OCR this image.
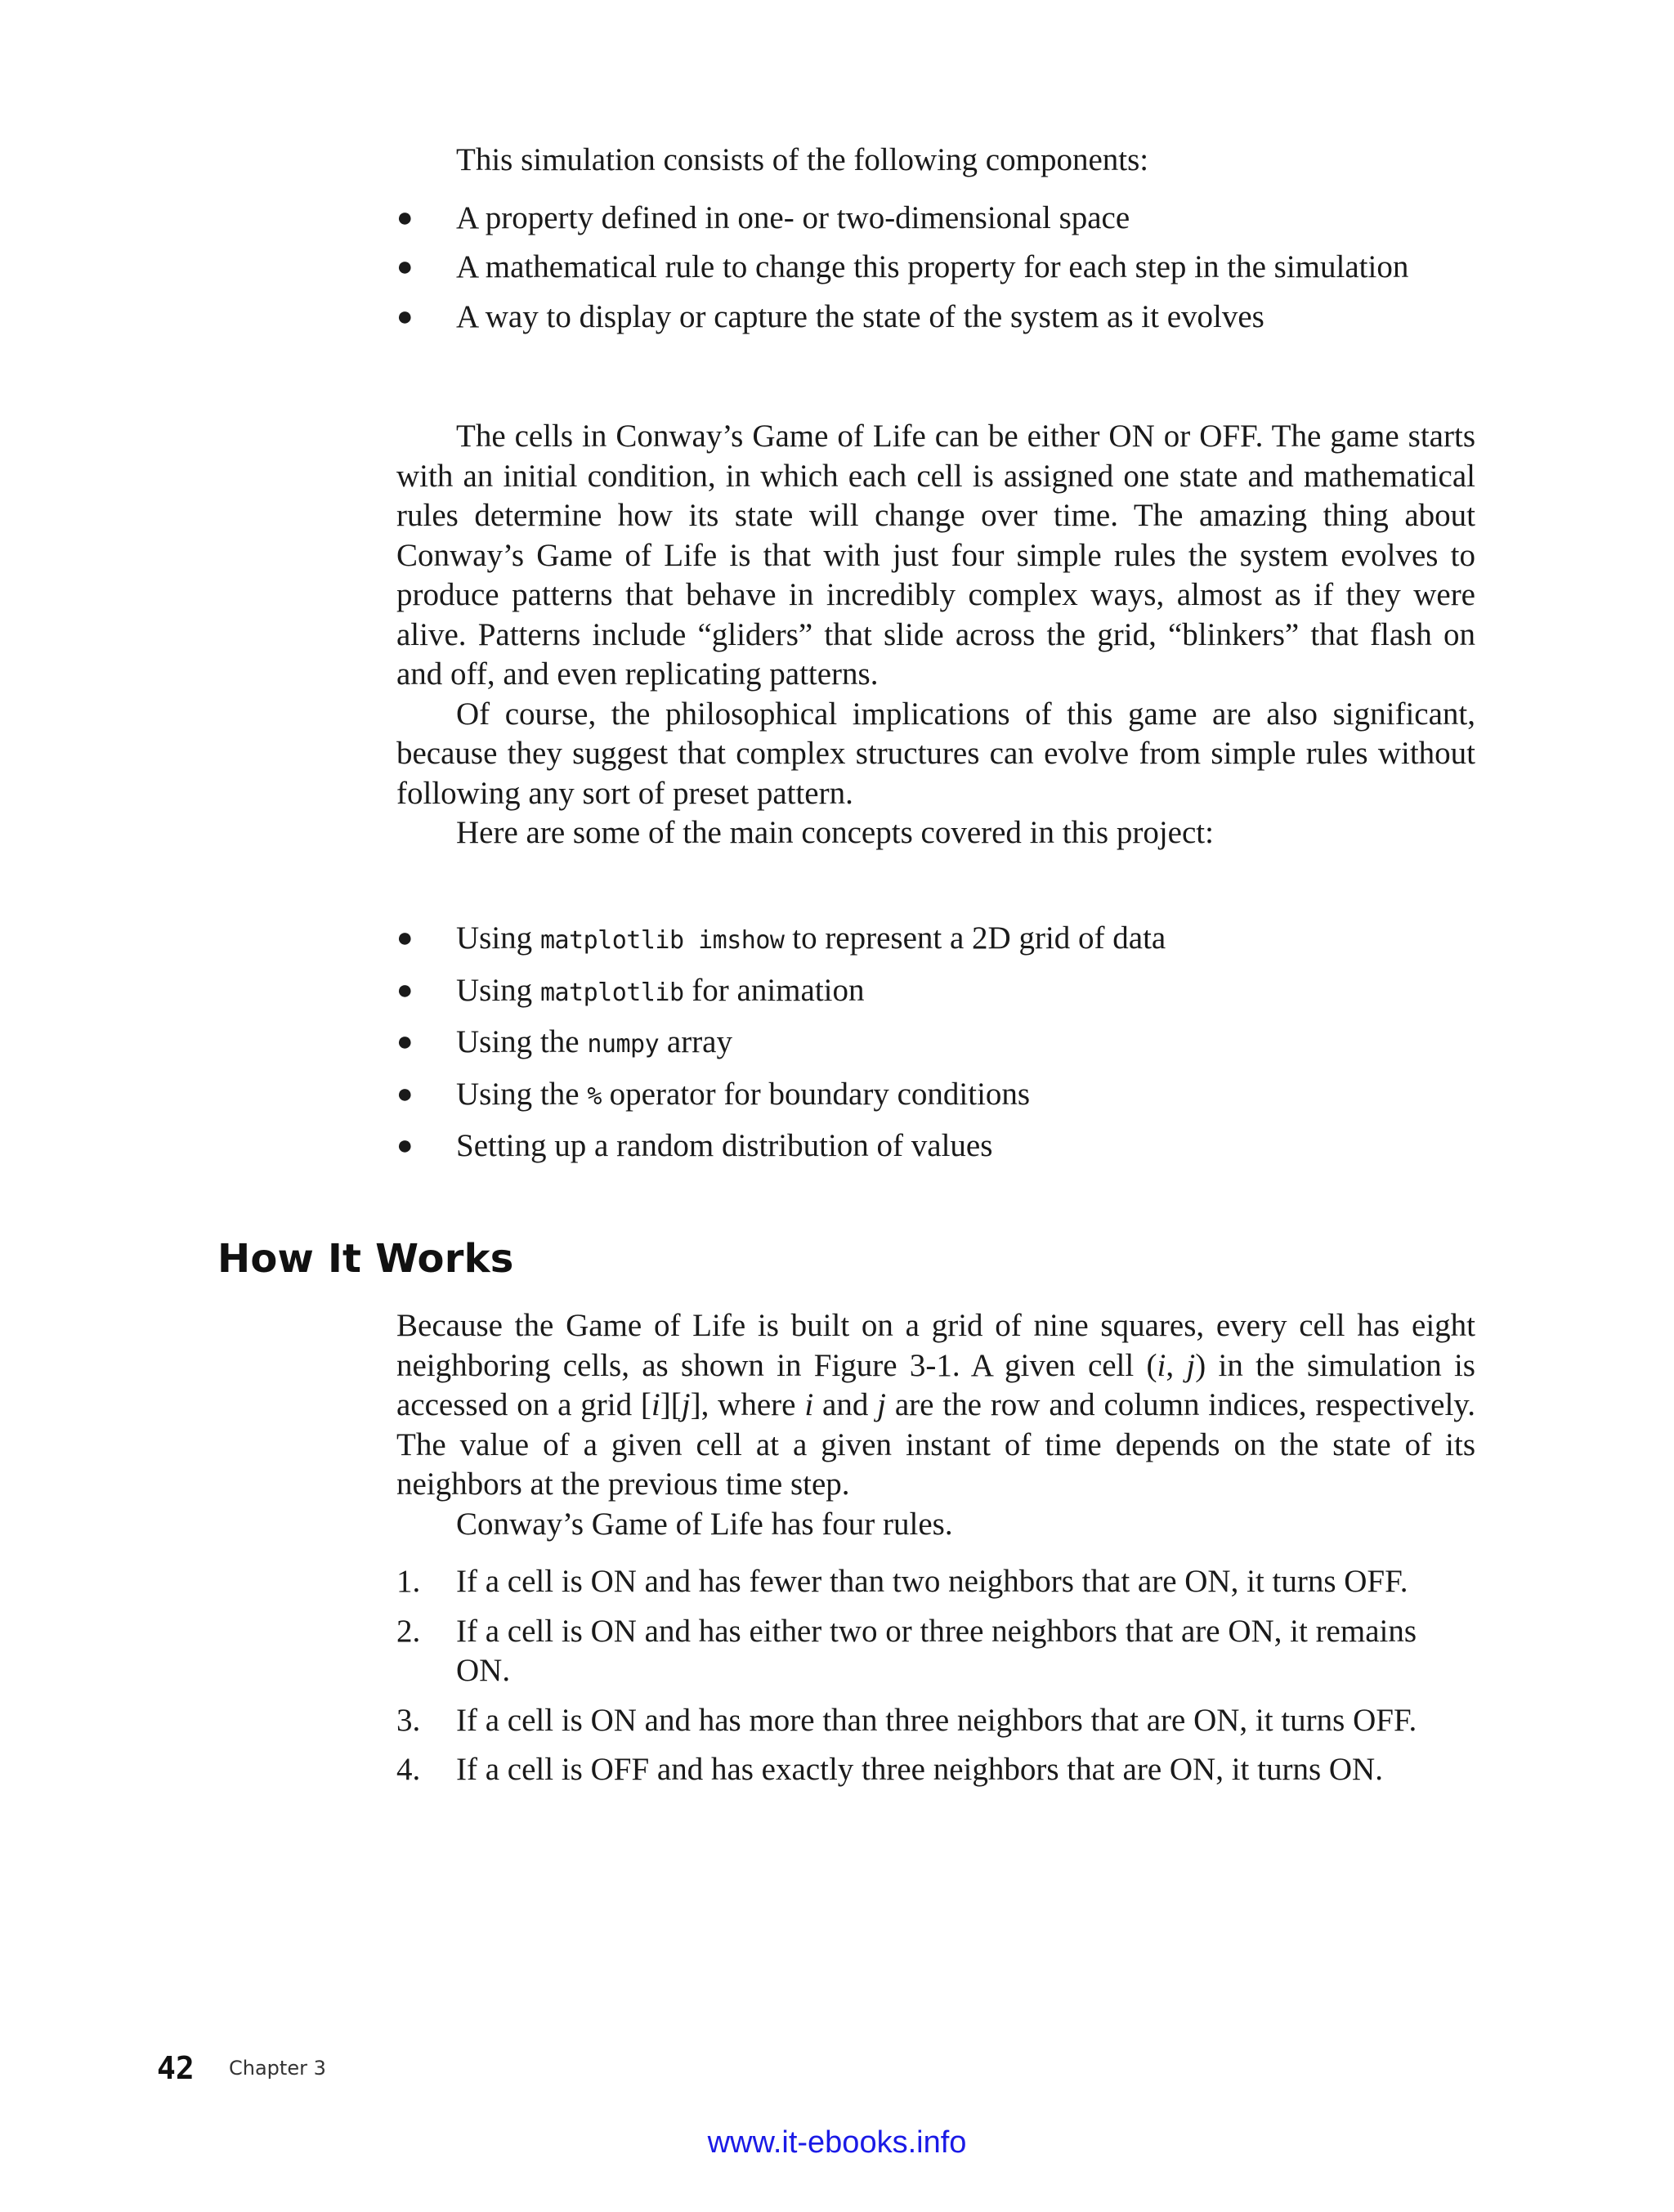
This simulation consists of the following components:

●	A property defined in one- or two-dimensional space
●	A mathematical rule to change this property for each step in the simulation
●	A way to display or capture the state of the system as it evolves

The cells in Conway’s Game of Life can be either ON or OFF. The game starts with an initial condition, in which each cell is assigned one state and mathematical rules determine how its state will change over time. The amazing thing about Conway’s Game of Life is that with just four simple rules the system evolves to produce patterns that behave in incredibly complex ways, almost as if they were alive. Patterns include “gliders” that slide across the grid, “blinkers” that flash on and off, and even replicating patterns.

Of course, the philosophical implications of this game are also significant, because they suggest that complex structures can evolve from simple rules without following any sort of preset pattern.

Here are some of the main concepts covered in this project:

●	Using matplotlib imshow to represent a 2D grid of data
●	Using matplotlib for animation
●	Using the numpy array
●	Using the % operator for boundary conditions
●	Setting up a random distribution of values
How It Works

Because the Game of Life is built on a grid of nine squares, every cell has eight neighboring cells, as shown in Figure 3-1. A given cell (i, j) in the simulation is accessed on a grid [i][j], where i and j are the row and column indices, respectively. The value of a given cell at a given instant of time depends on the state of its neighbors at the previous time step.

Conway’s Game of Life has four rules.

1. If a cell is ON and has fewer than two neighbors that are ON, it turns OFF.
2. If a cell is ON and has either two or three neighbors that are ON, it remains ON.
3. If a cell is ON and has more than three neighbors that are ON, it turns OFF.
4. If a cell is OFF and has exactly three neighbors that are ON, it turns ON.
42 Chapter 3
www.it-ebooks.info
